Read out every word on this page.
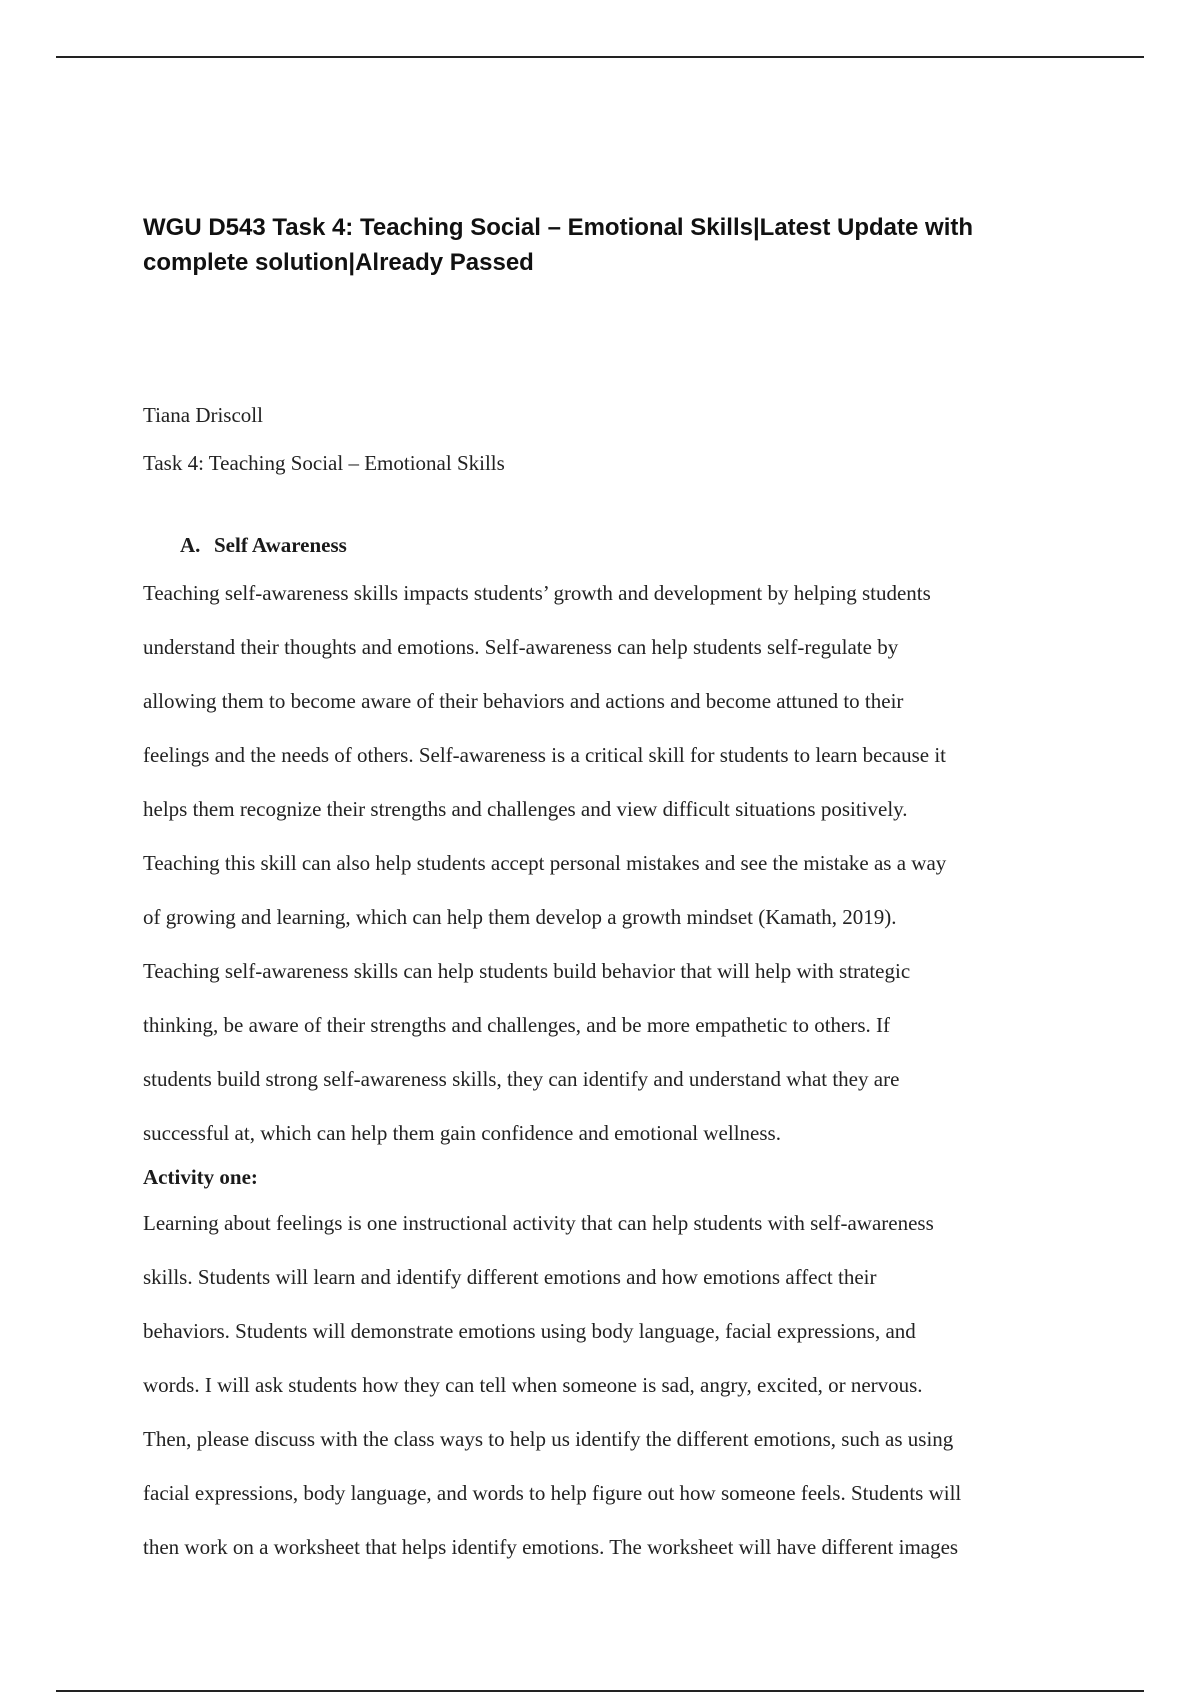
WGU D543 Task 4: Teaching Social – Emotional Skills|Latest Update with
complete solution|Already Passed
Tiana Driscoll
Task 4: Teaching Social – Emotional Skills
A. Self Awareness
Teaching self-awareness skills impacts students’ growth and development by helping students
understand their thoughts and emotions. Self-awareness can help students self-regulate by
allowing them to become aware of their behaviors and actions and become attuned to their
feelings and the needs of others. Self-awareness is a critical skill for students to learn because it
helps them recognize their strengths and challenges and view difficult situations positively.
Teaching this skill can also help students accept personal mistakes and see the mistake as a way
of growing and learning, which can help them develop a growth mindset (Kamath, 2019).
Teaching self-awareness skills can help students build behavior that will help with strategic
thinking, be aware of their strengths and challenges, and be more empathetic to others. If
students build strong self-awareness skills, they can identify and understand what they are
successful at, which can help them gain confidence and emotional wellness.
Activity one:
Learning about feelings is one instructional activity that can help students with self-awareness
skills. Students will learn and identify different emotions and how emotions affect their
behaviors. Students will demonstrate emotions using body language, facial expressions, and
words. I will ask students how they can tell when someone is sad, angry, excited, or nervous.
Then, please discuss with the class ways to help us identify the different emotions, such as using
facial expressions, body language, and words to help figure out how someone feels. Students will
then work on a worksheet that helps identify emotions. The worksheet will have different images
